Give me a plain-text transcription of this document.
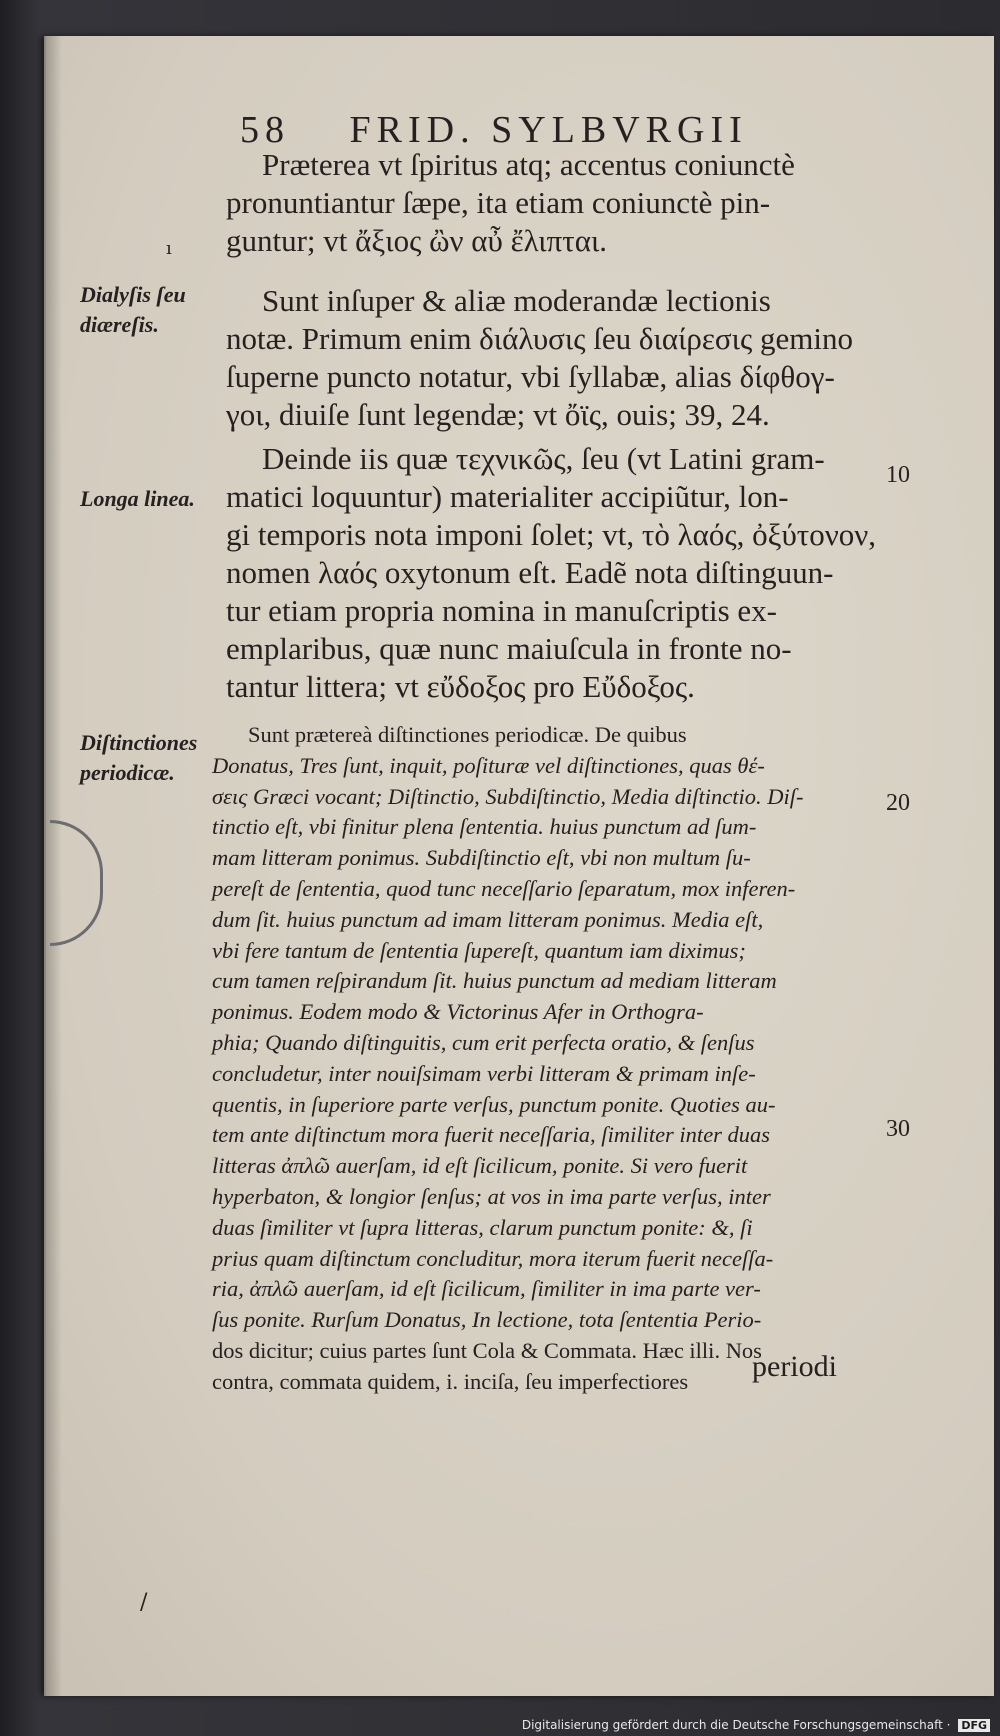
58 FRID. SYLBVRGII
Præterea vt ſpiritus atq; accentus coniunctè
pronuntiantur ſæpe, ita etiam coniunctè pin-
guntur; vt ἄξιος ὢν αὖ ἔλιπται.
Sunt inſuper & aliæ moderandæ lectionis
notæ. Primum enim διάλυσις ſeu διαίρεσις gemino
ſuperne puncto notatur, vbi ſyllabæ, alias δίφθογ-
γοι, diuiſe ſunt legendæ; vt ὄϊς, ouis; 39, 24.
Deinde iis quæ τεχνικῶς, ſeu (vt Latini gram-
matici loquuntur) materialiter accipiũtur, lon-
gi temporis nota imponi ſolet; vt, τὸ λαός, ὀξύτονον,
nomen λαός oxytonum eſt. Eadẽ nota diſtinguun-
tur etiam propria nomina in manuſcriptis ex-
emplaribus, quæ nunc maiuſcula in fronte no-
tantur littera; vt εὔδοξος pro Εὔδοξος.
Sunt prætereà diſtinctiones periodicæ. De quibus
Donatus, Tres ſunt, inquit, poſituræ vel diſtinctiones, quas θέ-
σεις Græci vocant; Diſtinctio, Subdiſtinctio, Media diſtinctio. Diſ-
tinctio eſt, vbi finitur plena ſententia. huius punctum ad ſum-
mam litteram ponimus. Subdiſtinctio eſt, vbi non multum ſu-
pereſt de ſententia, quod tunc neceſſario ſeparatum, mox inferen-
dum ſit. huius punctum ad imam litteram ponimus. Media eſt,
vbi fere tantum de ſententia ſupereſt, quantum iam diximus;
cum tamen reſpirandum ſit. huius punctum ad mediam litteram
ponimus. Eodem modo & Victorinus Afer in Orthogra-
phia; Quando diſtinguitis, cum erit perfecta oratio, & ſenſus
concludetur, inter nouiſsimam verbi litteram & primam inſe-
quentis, in ſuperiore parte verſus, punctum ponite. Quoties au-
tem ante diſtinctum mora fuerit neceſſaria, ſimiliter inter duas
litteras ἀπλῶ auerſam, id eſt ſicilicum, ponite. Si vero fuerit
hyperbaton, & longior ſenſus; at vos in ima parte verſus, inter
duas ſimiliter vt ſupra litteras, clarum punctum ponite: &, ſi
prius quam diſtinctum concluditur, mora iterum fuerit neceſſa-
ria, ἀπλῶ auerſam, id eſt ſicilicum, ſimiliter in ima parte ver-
ſus ponite. Rurſum Donatus, In lectione, tota ſententia Perio-
dos dicitur; cuius partes ſunt Cola & Commata. Hæc illi. Nos
contra, commata quidem, i. inciſa, ſeu imperfectiores	periodi
Dialyſis ſeu
diæreſis.
Longa linea.
Diſtinctiones
periodicæ.
10
20
30
/
ı
Digitalisierung gefördert durch die Deutsche Forschungsgemeinschaft · DFG
